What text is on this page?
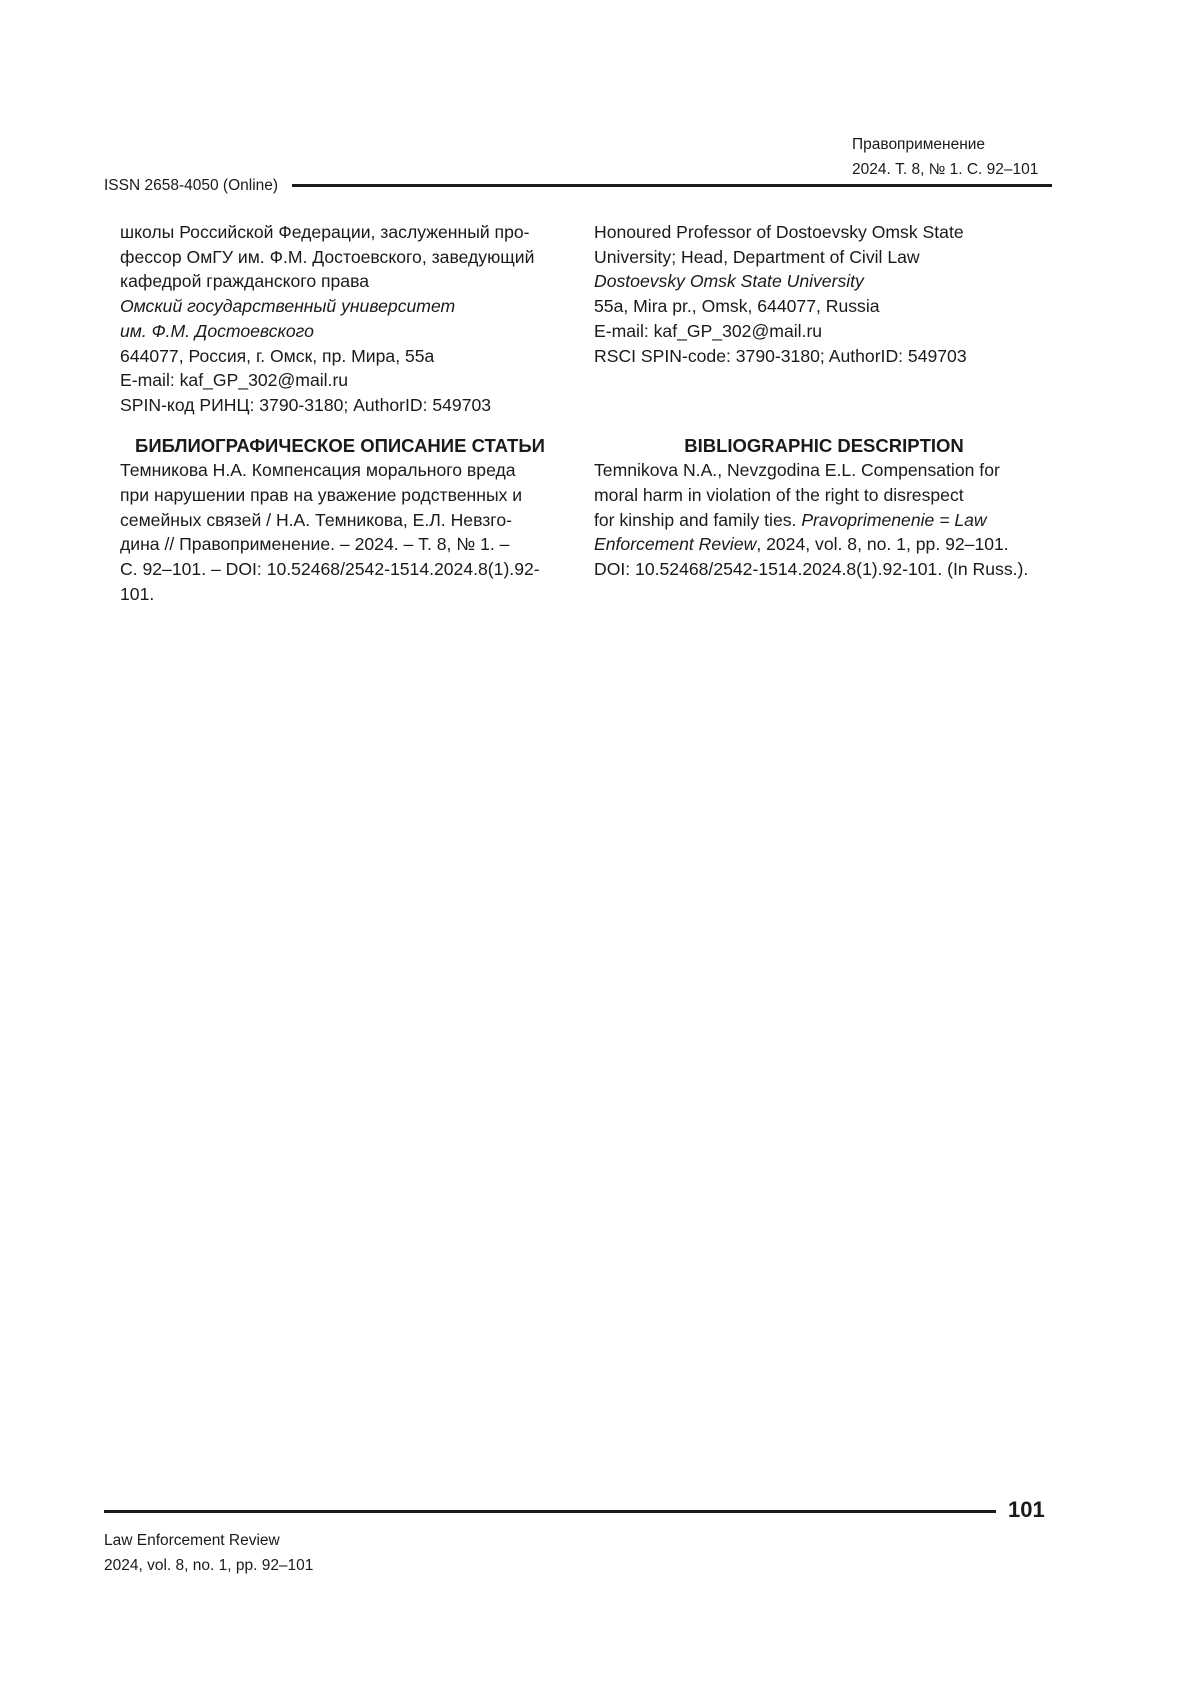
Правоприменение
2024. Т. 8, № 1. С. 92–101
ISSN 2658-4050 (Online)
школы Российской Федерации, заслуженный про-
фессор ОмГУ им. Ф.М. Достоевского, заведующий
кафедрой гражданского права
Омский государственный университет
им. Ф.М. Достоевского
644077, Россия, г. Омск, пр. Мира, 55а
E-mail: kaf_GP_302@mail.ru
SPIN-код РИНЦ: 3790-3180; AuthorID: 549703
БИБЛИОГРАФИЧЕСКОЕ ОПИСАНИЕ СТАТЬИ
Темникова Н.А. Компенсация морального вреда
при нарушении прав на уважение родственных и
семейных связей / Н.А. Темникова, Е.Л. Невзго-
дина // Правоприменение. – 2024. – Т. 8, № 1. –
С. 92–101. – DOI: 10.52468/2542-1514.2024.8(1).92-
101.
Honoured Professor of Dostoevsky Omsk State
University; Head, Department of Civil Law
Dostoevsky Omsk State University
55a, Mira pr., Omsk, 644077, Russia
E-mail: kaf_GP_302@mail.ru
RSCI SPIN-code: 3790-3180; AuthorID: 549703

BIBLIOGRAPHIC DESCRIPTION
Temnikova N.A., Nevzgodina E.L. Compensation for
moral harm in violation of the right to disrespect
for kinship and family ties. Pravoprimenenie = Law
Enforcement Review, 2024, vol. 8, no. 1, pp. 92–101.
DOI: 10.52468/2542-1514.2024.8(1).92-101. (In Russ.).
101
Law Enforcement Review
2024, vol. 8, no. 1, pp. 92–101
